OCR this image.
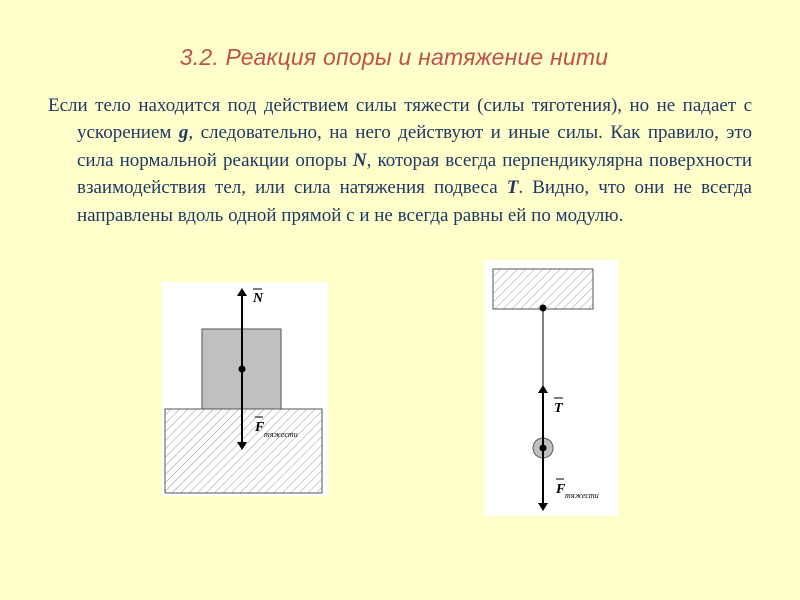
3.2. Реакция опоры и натяжение нити
Если тело находится под действием силы тяжести (силы тяготения), но не падает с ускорением g, следовательно, на него действуют и иные силы. Как правило, это сила нормальной реакции опоры N, которая всегда перпендикулярна поверхности взаимодействия тел, или сила натяжения подвеса T. Видно, что они не всегда направлены вдоль одной прямой с и не всегда равны ей по модулю.
N
F тяжести
T
F тяжести
